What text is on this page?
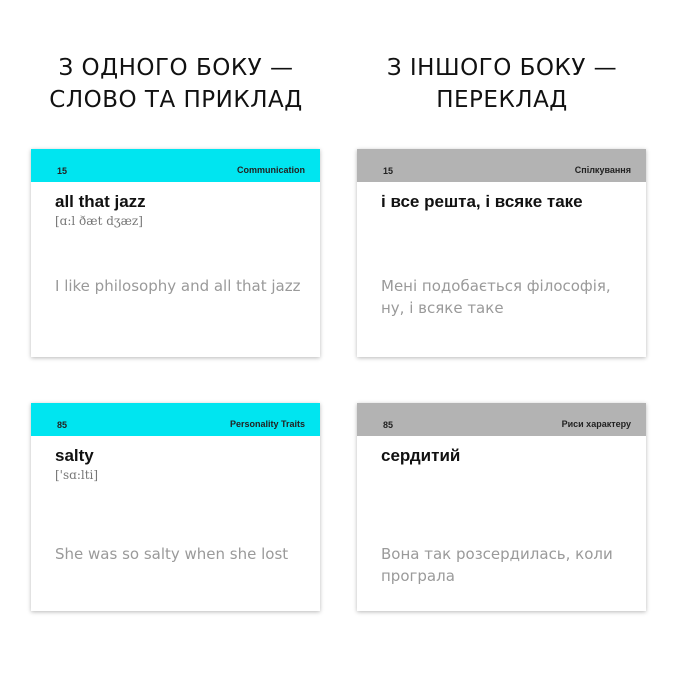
З ОДНОГО БОКУ —
СЛОВО ТА ПРИКЛАД
З ІНШОГО БОКУ —
ПЕРЕКЛАД
15	Communication
all that jazz
[ɑ:l ðæt dʒæz]
I like philosophy and all that jazz
15	Спілкування
і все решта, і всяке таке
Мені подобається філософія, ну, і всяке таке
85	Personality Traits
salty
['sɑ:lti]
She was so salty when she lost
85	Риси характеру
сердитий
Вона так розсердилась, коли програла
